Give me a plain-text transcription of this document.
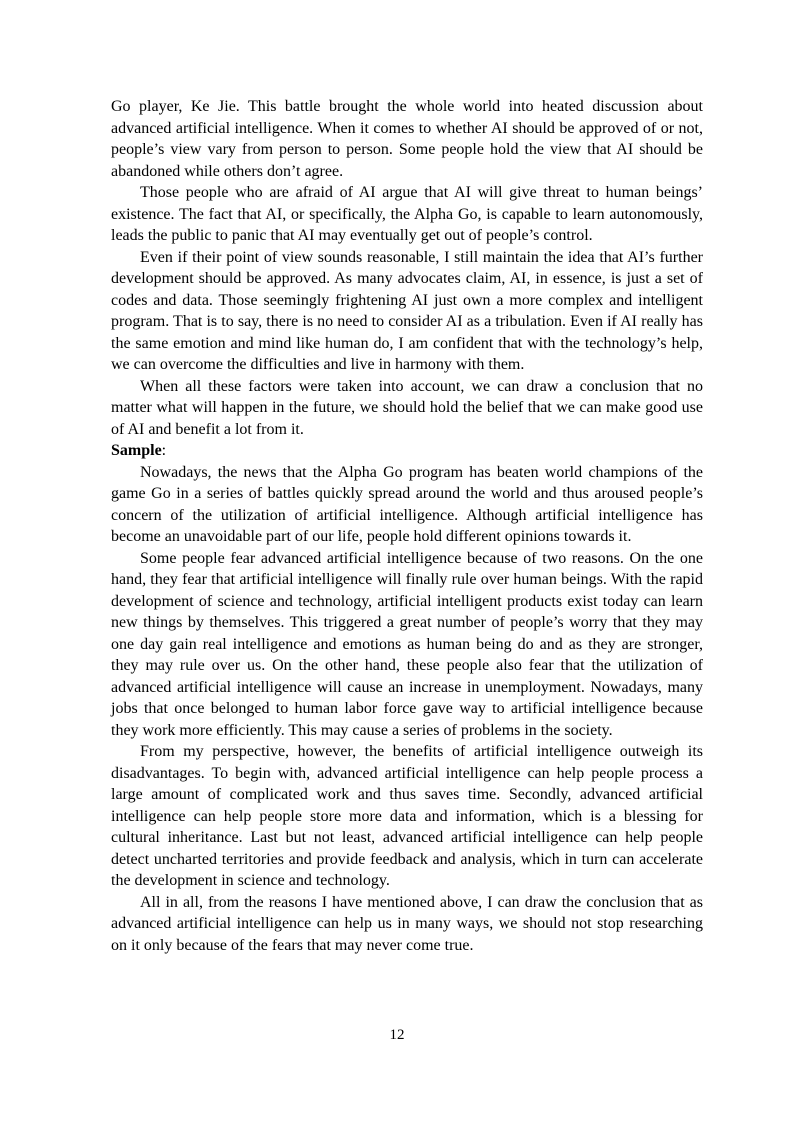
Go player, Ke Jie. This battle brought the whole world into heated discussion about advanced artificial intelligence. When it comes to whether AI should be approved of or not, people’s view vary from person to person. Some people hold the view that AI should be abandoned while others don’t agree.

Those people who are afraid of AI argue that AI will give threat to human beings’ existence. The fact that AI, or specifically, the Alpha Go, is capable to learn autonomously, leads the public to panic that AI may eventually get out of people’s control.

Even if their point of view sounds reasonable, I still maintain the idea that AI’s further development should be approved. As many advocates claim, AI, in essence, is just a set of codes and data. Those seemingly frightening AI just own a more complex and intelligent program. That is to say, there is no need to consider AI as a tribulation. Even if AI really has the same emotion and mind like human do, I am confident that with the technology’s help, we can overcome the difficulties and live in harmony with them.

When all these factors were taken into account, we can draw a conclusion that no matter what will happen in the future, we should hold the belief that we can make good use of AI and benefit a lot from it.

Sample:

Nowadays, the news that the Alpha Go program has beaten world champions of the game Go in a series of battles quickly spread around the world and thus aroused people’s concern of the utilization of artificial intelligence. Although artificial intelligence has become an unavoidable part of our life, people hold different opinions towards it.

Some people fear advanced artificial intelligence because of two reasons. On the one hand, they fear that artificial intelligence will finally rule over human beings. With the rapid development of science and technology, artificial intelligent products exist today can learn new things by themselves. This triggered a great number of people’s worry that they may one day gain real intelligence and emotions as human being do and as they are stronger, they may rule over us. On the other hand, these people also fear that the utilization of advanced artificial intelligence will cause an increase in unemployment. Nowadays, many jobs that once belonged to human labor force gave way to artificial intelligence because they work more efficiently. This may cause a series of problems in the society.

From my perspective, however, the benefits of artificial intelligence outweigh its disadvantages. To begin with, advanced artificial intelligence can help people process a large amount of complicated work and thus saves time. Secondly, advanced artificial intelligence can help people store more data and information, which is a blessing for cultural inheritance. Last but not least, advanced artificial intelligence can help people detect uncharted territories and provide feedback and analysis, which in turn can accelerate the development in science and technology.

All in all, from the reasons I have mentioned above, I can draw the conclusion that as advanced artificial intelligence can help us in many ways, we should not stop researching on it only because of the fears that may never come true.

12
